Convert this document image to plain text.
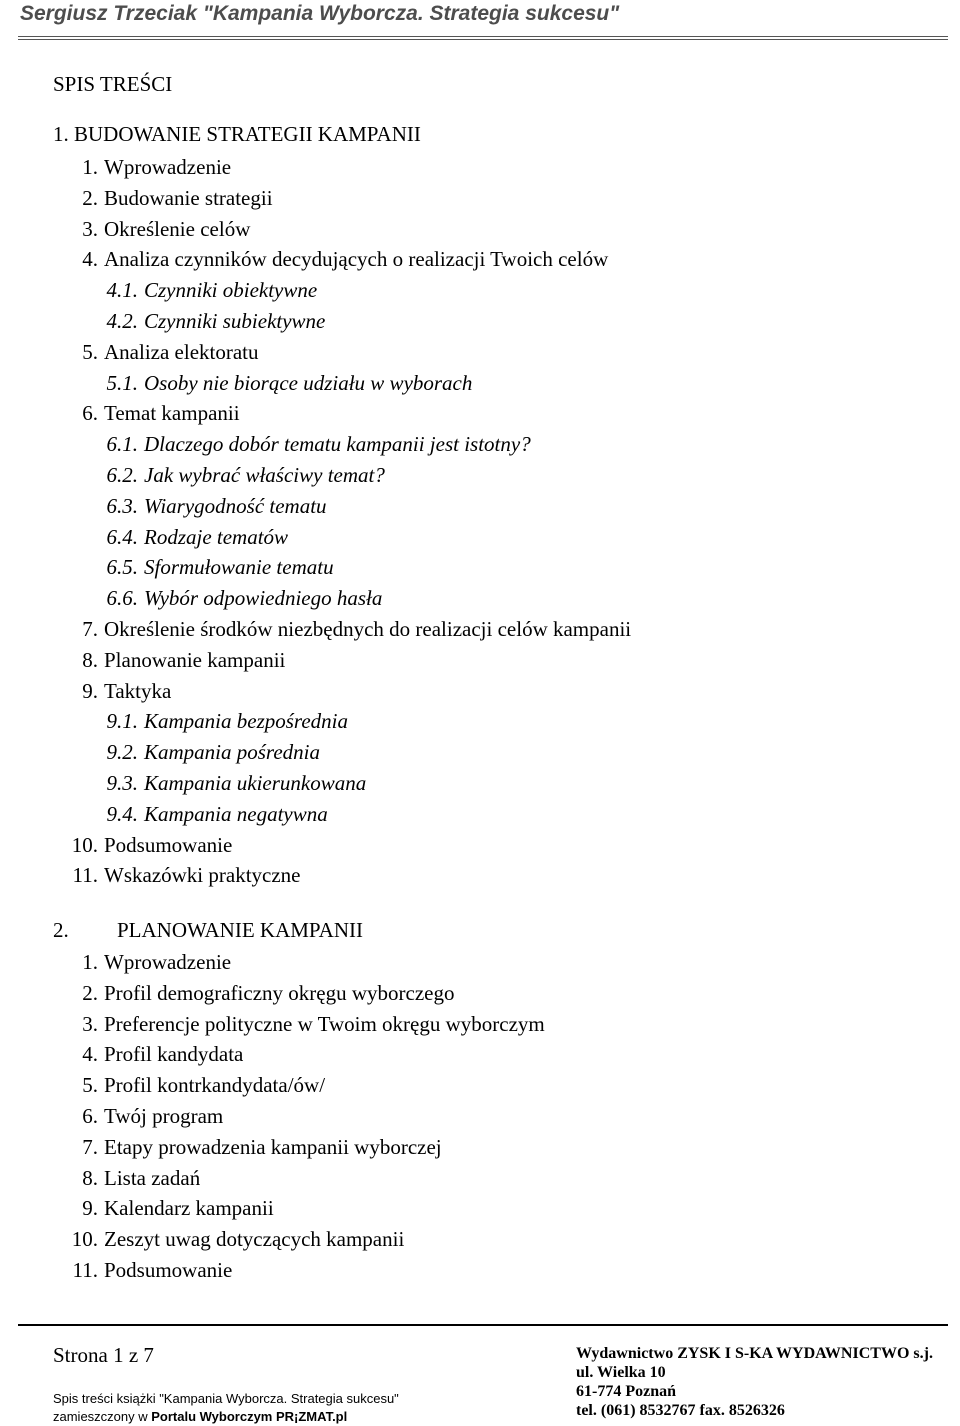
Sergiusz Trzeciak "Kampania Wyborcza. Strategia sukcesu"
SPIS TREŚCI
1. BUDOWANIE STRATEGII KAMPANII
1. Wprowadzenie
2. Budowanie strategii
3. Określenie celów
4. Analiza czynników decydujących o realizacji Twoich celów
4.1. Czynniki obiektywne
4.2. Czynniki subiektywne
5. Analiza elektoratu
5.1. Osoby nie biorące udziału w wyborach
6. Temat kampanii
6.1. Dlaczego dobór tematu kampanii jest istotny?
6.2. Jak wybrać właściwy temat?
6.3. Wiarygodność tematu
6.4. Rodzaje tematów
6.5. Sformułowanie tematu
6.6. Wybór odpowiedniego hasła
7. Określenie środków niezbędnych do realizacji celów kampanii
8. Planowanie kampanii
9. Taktyka
9.1. Kampania bezpośrednia
9.2. Kampania pośrednia
9.3. Kampania ukierunkowana
9.4. Kampania negatywna
10. Podsumowanie
11. Wskazówki praktyczne
2. PLANOWANIE KAMPANII
1. Wprowadzenie
2. Profil demograficzny okręgu wyborczego
3. Preferencje polityczne w Twoim okręgu wyborczym
4. Profil kandydata
5. Profil kontrkandydata/ów/
6. Twój program
7. Etapy prowadzenia kampanii wyborczej
8. Lista zadań
9. Kalendarz kampanii
10. Zeszyt uwag dotyczących kampanii
11. Podsumowanie
Strona 1 z 7
Spis treści książki "Kampania Wyborcza. Strategia sukcesu"
zamieszczony w Portalu Wyborczym PR¡ZMAT.pl
Wydawnictwo ZYSK I S-KA WYDAWNICTWO s.j.
ul. Wielka 10
61-774 Poznań
tel. (061) 8532767 fax. 8526326
